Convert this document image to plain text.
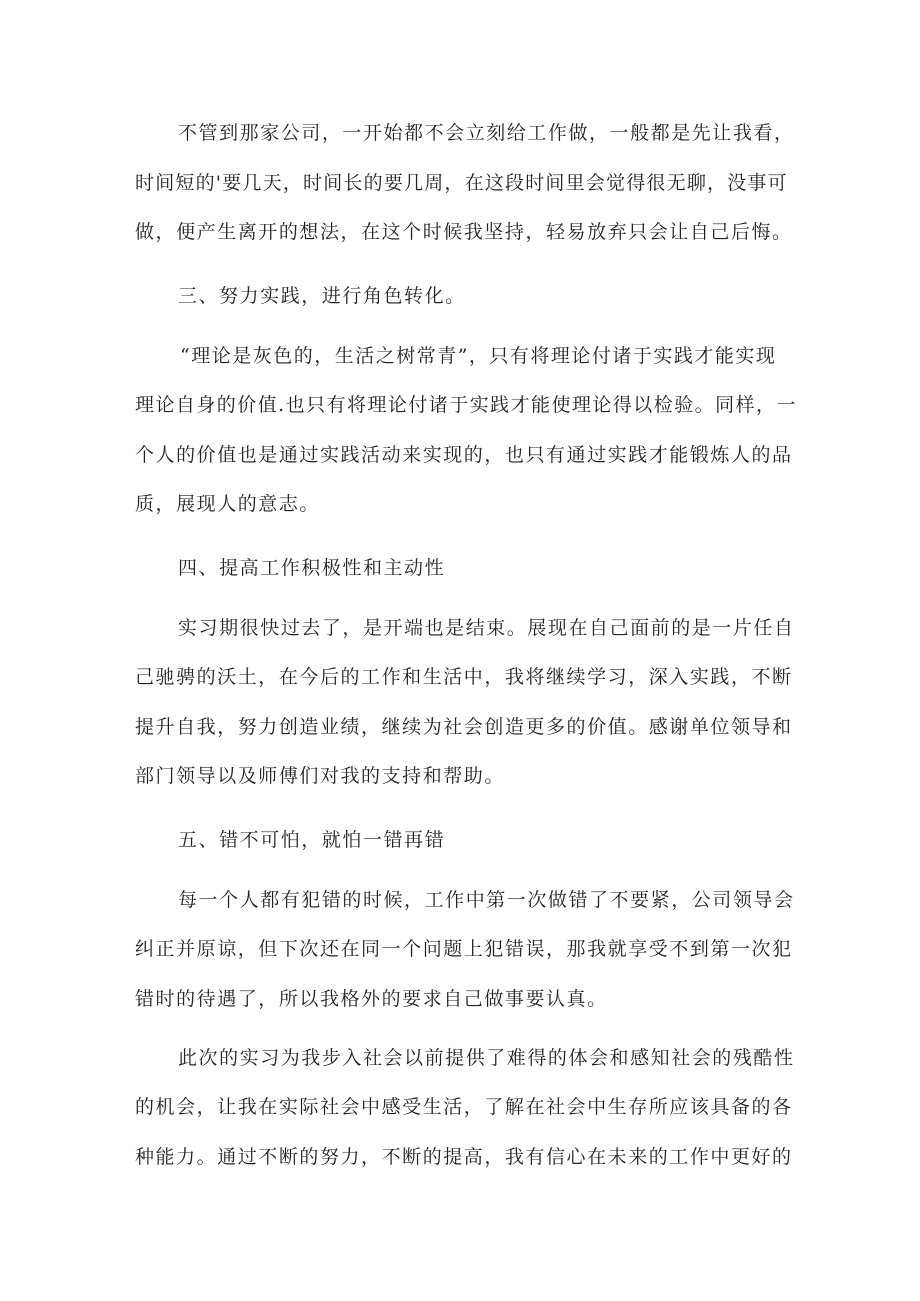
不管到那家公司，一开始都不会立刻给工作做，一般都是先让我看，

时间短的'要几天，时间长的要几周，在这段时间里会觉得很无聊，没事可

做，便产生离开的想法，在这个时候我坚持，轻易放弃只会让自己后悔。

三、努力实践，进行角色转化。

“理论是灰色的，生活之树常青”，只有将理论付诸于实践才能实现

理论自身的价值.也只有将理论付诸于实践才能使理论得以检验。同样，一

个人的价值也是通过实践活动来实现的，也只有通过实践才能锻炼人的品

质，展现人的意志。

四、提高工作积极性和主动性

实习期很快过去了，是开端也是结束。展现在自己面前的是一片任自

己驰骋的沃土，在今后的工作和生活中，我将继续学习，深入实践，不断

提升自我，努力创造业绩，继续为社会创造更多的价值。感谢单位领导和

部门领导以及师傅们对我的支持和帮助。

五、错不可怕，就怕一错再错

每一个人都有犯错的时候，工作中第一次做错了不要紧，公司领导会

纠正并原谅，但下次还在同一个问题上犯错误，那我就享受不到第一次犯

错时的待遇了，所以我格外的要求自己做事要认真。

此次的实习为我步入社会以前提供了难得的体会和感知社会的残酷性

的机会，让我在实际社会中感受生活，了解在社会中生存所应该具备的各

种能力。通过不断的努力，不断的提高，我有信心在未来的工作中更好的
